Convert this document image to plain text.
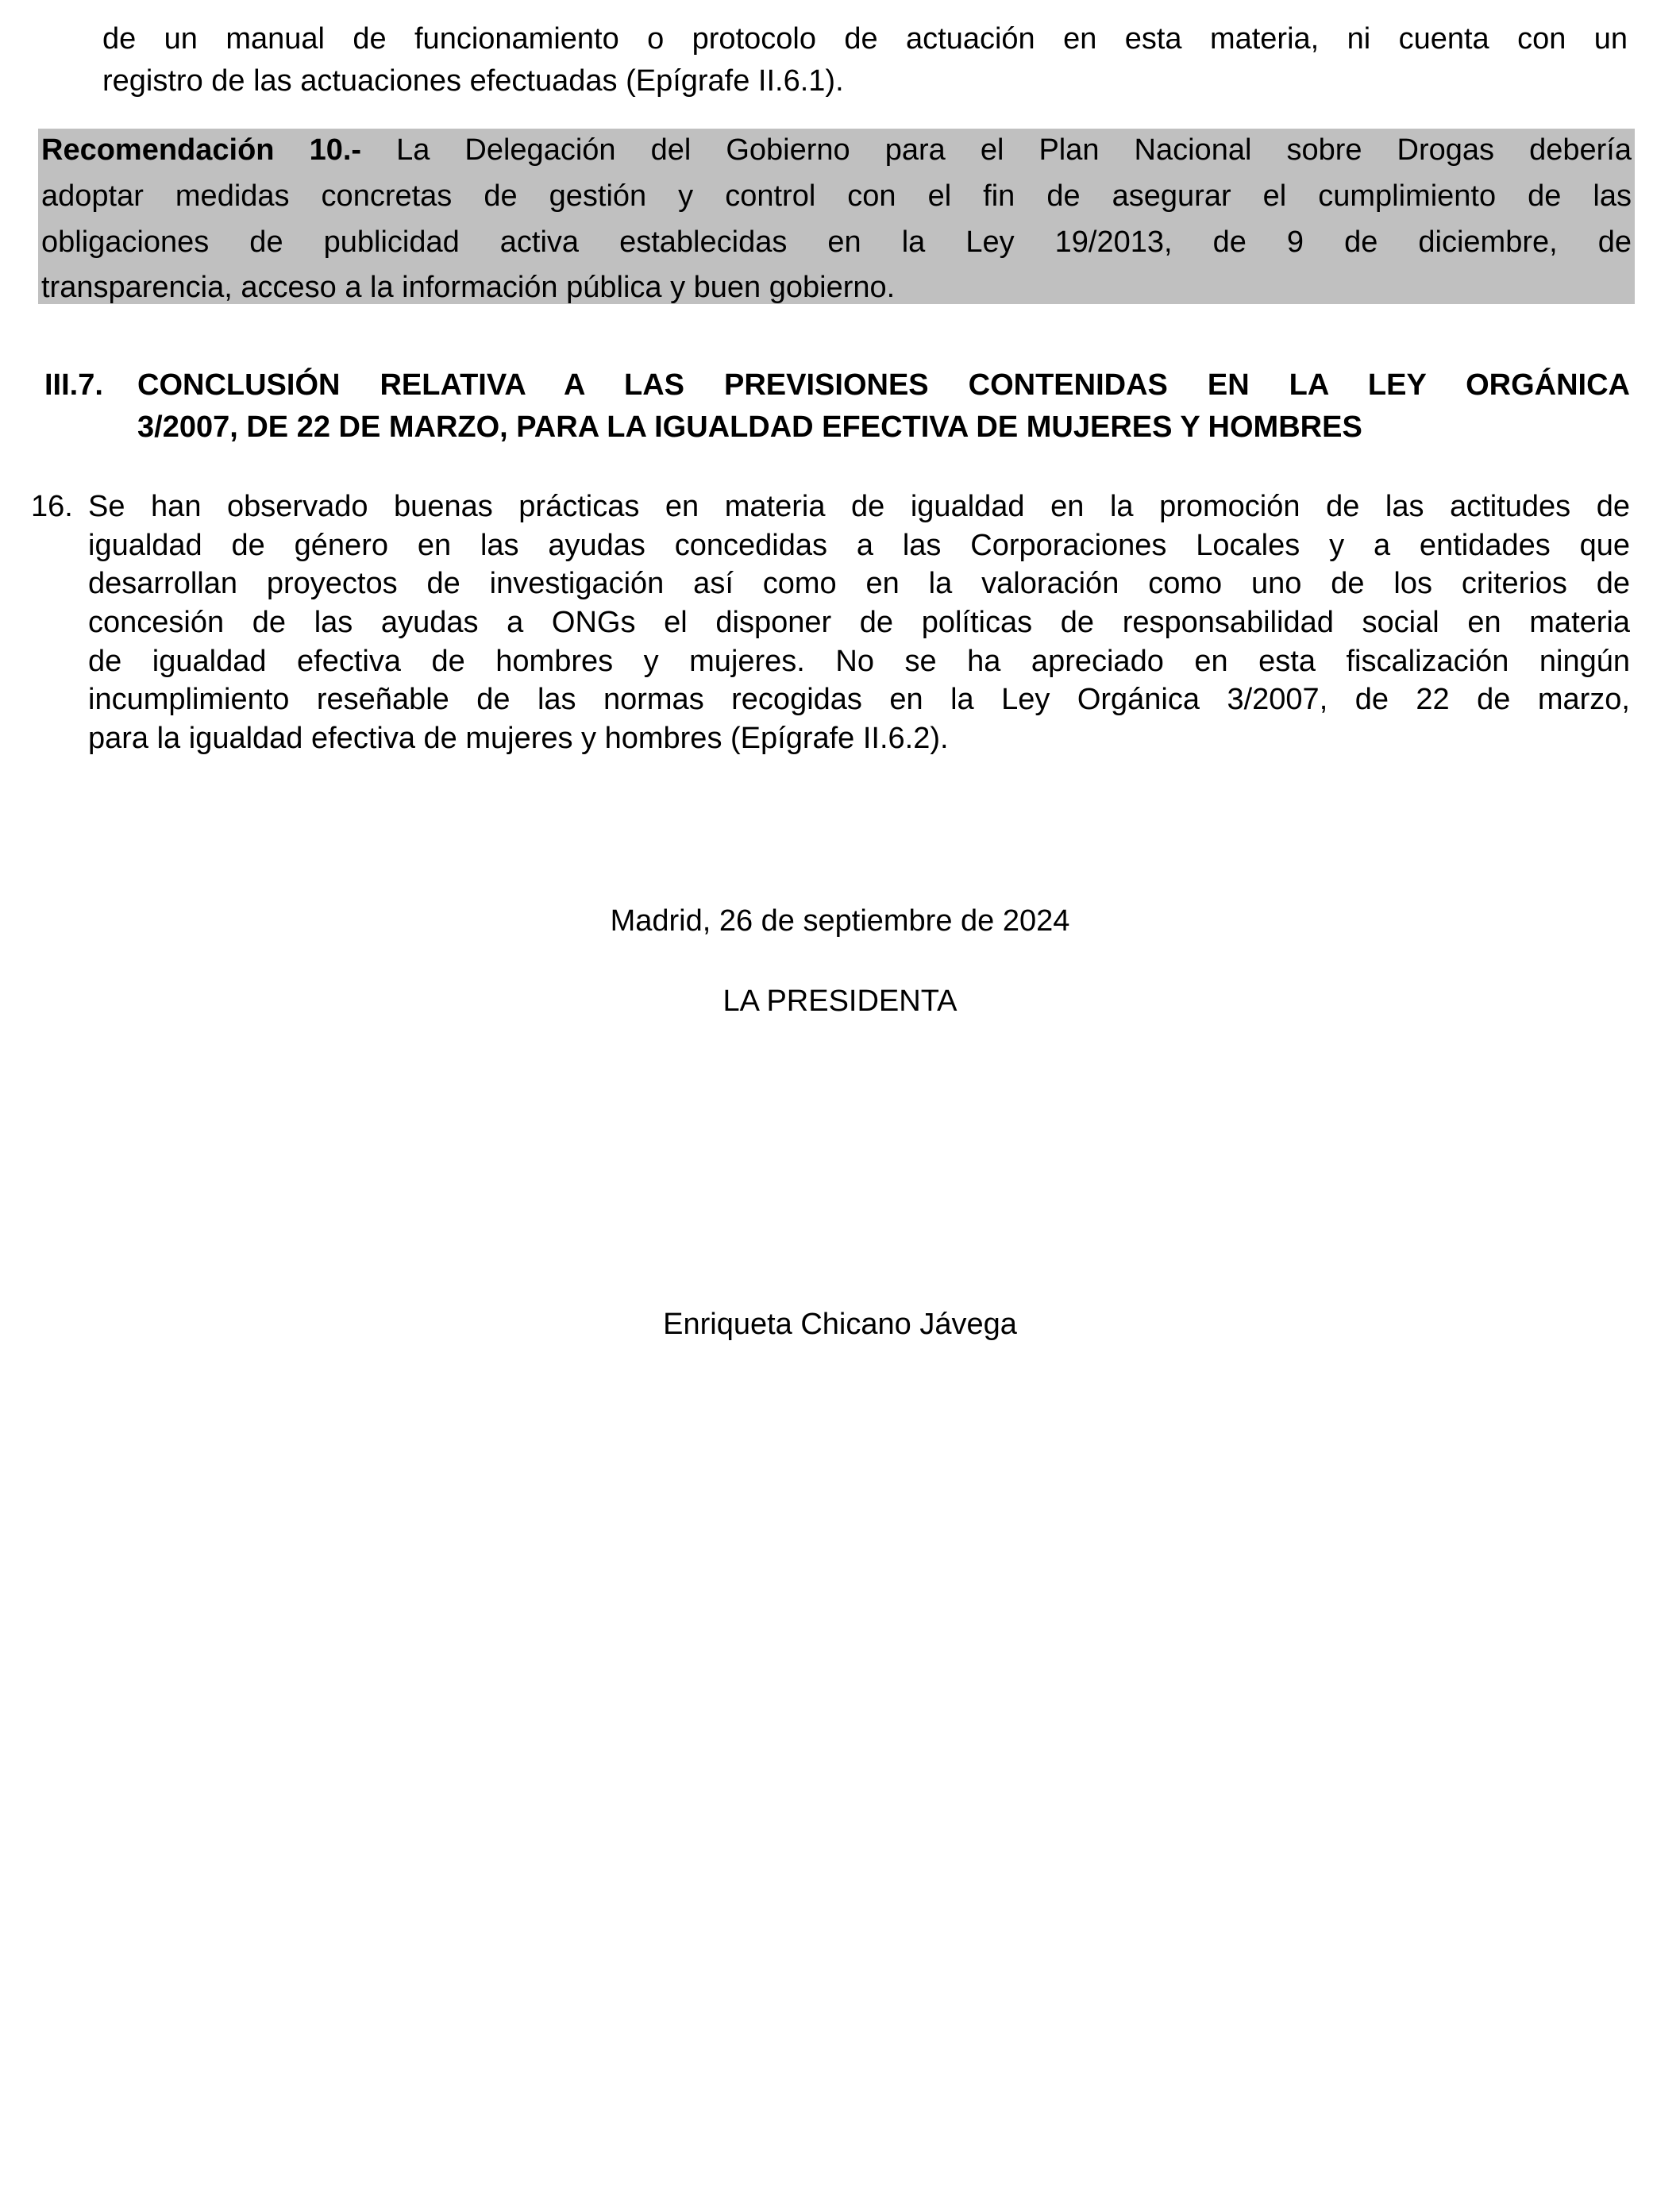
de un manual de funcionamiento o protocolo de actuación en esta materia, ni cuenta con un
registro de las actuaciones efectuadas (Epígrafe II.6.1).
Recomendación 10.- La Delegación del Gobierno para el Plan Nacional sobre Drogas debería
adoptar medidas concretas de gestión y control con el fin de asegurar el cumplimiento de las
obligaciones de publicidad activa establecidas en la Ley 19/2013, de 9 de diciembre, de
transparencia, acceso a la información pública y buen gobierno.
III.7. CONCLUSIÓN RELATIVA A LAS PREVISIONES CONTENIDAS EN LA LEY ORGÁNICA
3/2007, DE 22 DE MARZO, PARA LA IGUALDAD EFECTIVA DE MUJERES Y HOMBRES
16. Se han observado buenas prácticas en materia de igualdad en la promoción de las actitudes de
igualdad de género en las ayudas concedidas a las Corporaciones Locales y a entidades que
desarrollan proyectos de investigación así como en la valoración como uno de los criterios de
concesión de las ayudas a ONGs el disponer de políticas de responsabilidad social en materia
de igualdad efectiva de hombres y mujeres. No se ha apreciado en esta fiscalización ningún
incumplimiento reseñable de las normas recogidas en la Ley Orgánica 3/2007, de 22 de marzo,
para la igualdad efectiva de mujeres y hombres (Epígrafe II.6.2).
Madrid, 26 de septiembre de 2024
LA PRESIDENTA
Enriqueta Chicano Jávega
